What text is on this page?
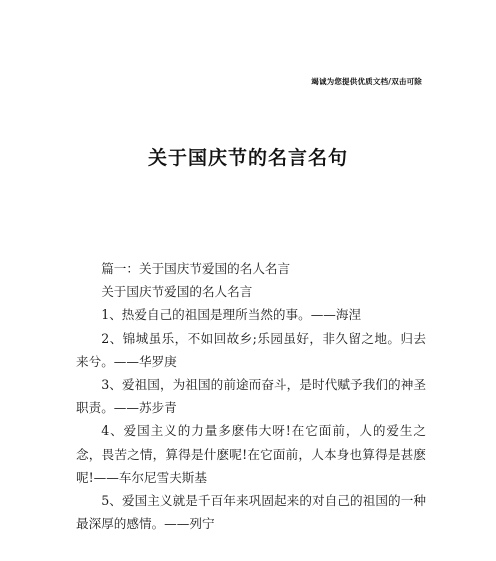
竭诚为您提供优质文档/双击可除
关于国庆节的名言名句

篇一：关于国庆节爱国的名人名言

关于国庆节爱国的名人名言

1、热爱自己的祖国是理所当然的事。——海涅

2、锦城虽乐，不如回故乡;乐园虽好，非久留之地。归去来兮。——华罗庚

3、爱祖国，为祖国的前途而奋斗，是时代赋予我们的神圣职责。——苏步青

4、爱国主义的力量多麽伟大呀!在它面前，人的爱生之念，畏苦之情，算得是什麽呢!在它面前，人本身也算得是甚麽呢!——车尔尼雪夫斯基

5、爱国主义就是千百年来巩固起来的对自己的祖国的一种最深厚的感情。——列宁
